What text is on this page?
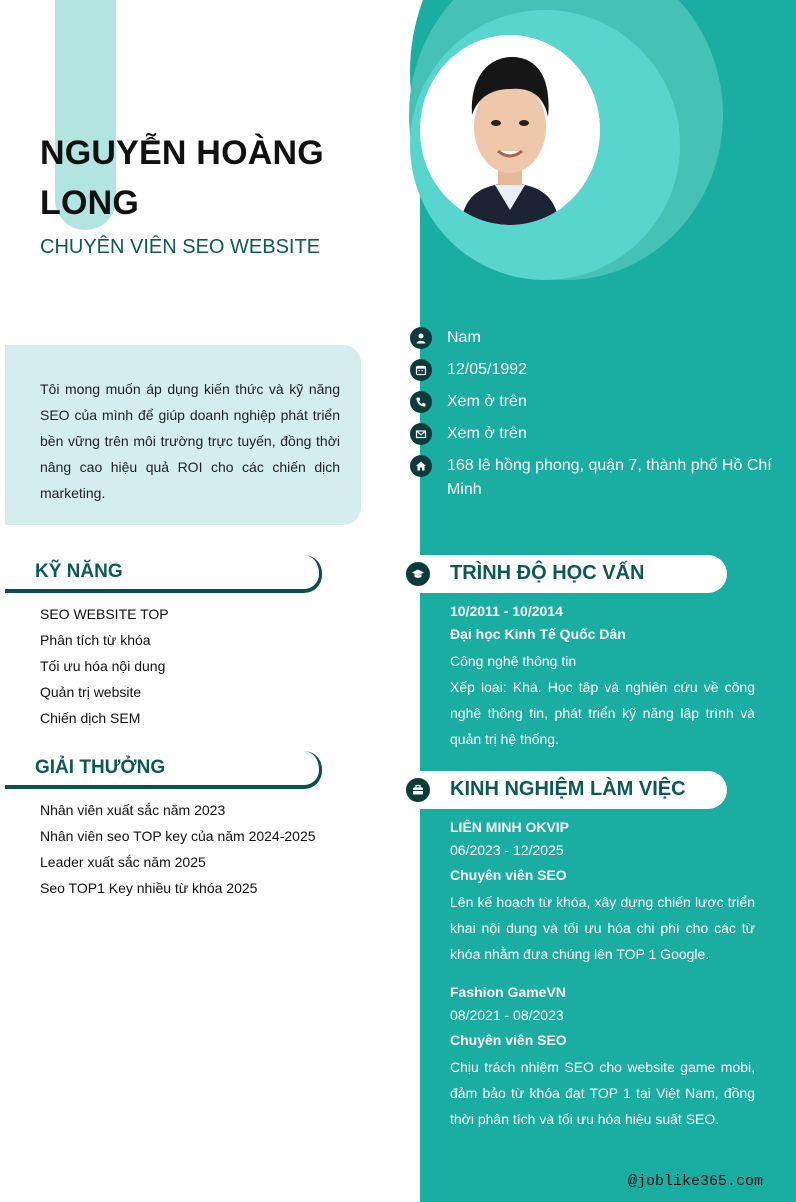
NGUYỄN HOÀNG LONG
CHUYÊN VIÊN SEO WEBSITE
Tôi mong muốn áp dụng kiến thức và kỹ năng SEO của mình để giúp doanh nghiệp phát triển bền vững trên môi trường trực tuyến, đồng thời nâng cao hiệu quả ROI cho các chiến dịch marketing.
Nam
12/05/1992
Xem ở trên
Xem ở trên
168 lê hồng phong, quận 7, thành phố Hồ Chí Minh
KỸ NĂNG
SEO WEBSITE TOP
Phân tích từ khóa
Tối ưu hóa nội dung
Quản trị website
Chiến dịch SEM
GIẢI THƯỞNG
Nhân viên xuất sắc năm 2023
Nhân viên seo TOP key của năm 2024-2025
Leader xuất sắc năm 2025
Seo TOP1 Key nhiều từ khóa 2025
TRÌNH ĐỘ HỌC VẤN
10/2011 - 10/2014
Đại học Kinh Tế Quốc Dân
Công nghệ thông tin
Xếp loại: Khá. Học tập và nghiên cứu về công nghệ thông tin, phát triển kỹ năng lập trình và quản trị hệ thống.
KINH NGHIỆM LÀM VIỆC
LIÊN MINH OKVIP
06/2023 - 12/2025
Chuyên viên SEO
Lên kế hoạch từ khóa, xây dựng chiến lược triển khai nội dung và tối ưu hóa chi phí cho các từ khóa nhằm đưa chúng lên TOP 1 Google.
Fashion GameVN
08/2021 - 08/2023
Chuyên viên SEO
Chịu trách nhiệm SEO cho website game mobi, đảm bảo từ khóa đạt TOP 1 tại Việt Nam, đồng thời phân tích và tối ưu hóa hiệu suất SEO.
@joblike365.com
